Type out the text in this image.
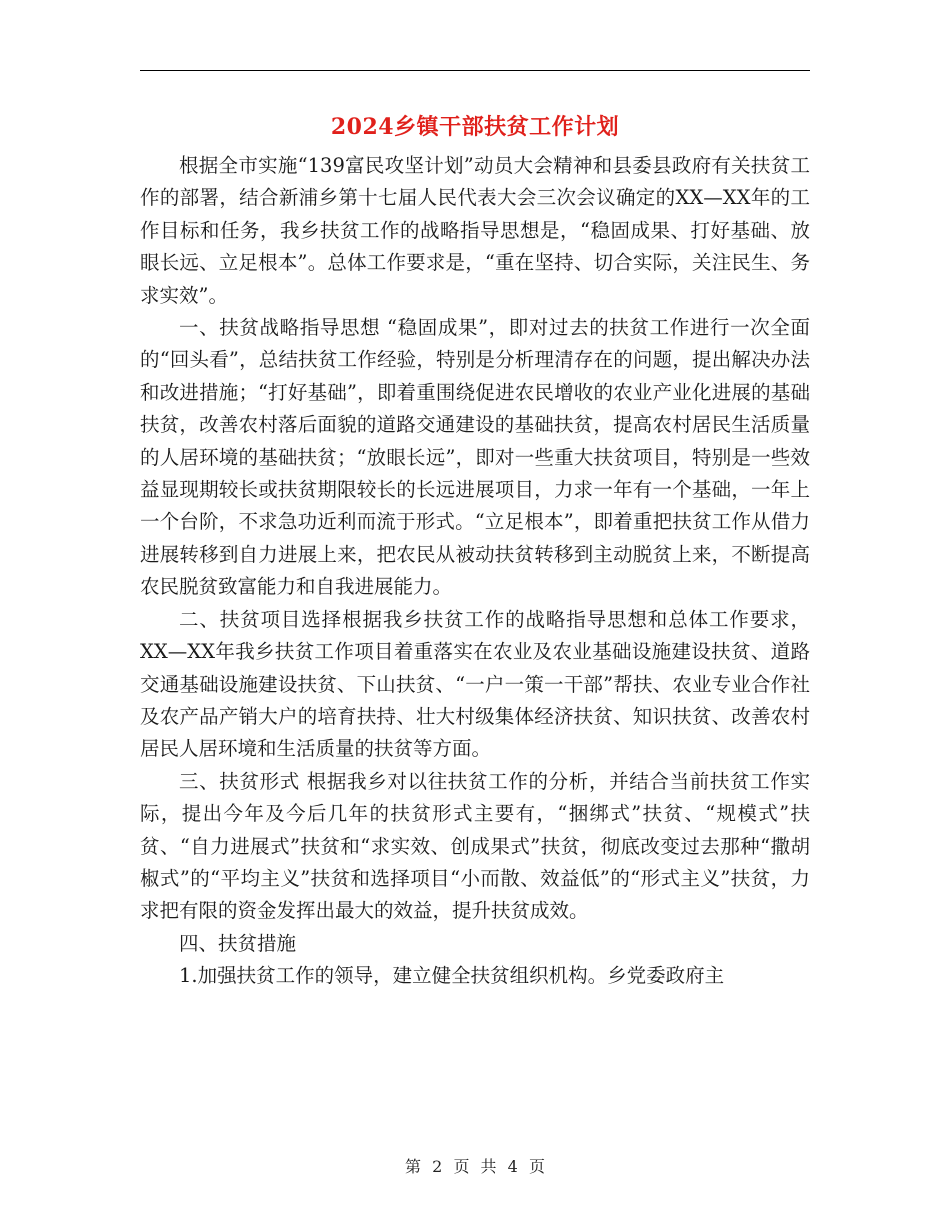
2024乡镇干部扶贫工作计划

根据全市实施“139富民攻坚计划”动员大会精神和县委县政府有关扶贫工作的部署，结合新浦乡第十七届人民代表大会三次会议确定的XX—XX年的工作目标和任务，我乡扶贫工作的战略指导思想是，“稳固成果、打好基础、放眼长远、立足根本”。总体工作要求是，“重在坚持、切合实际，关注民生、务求实效”。

一、扶贫战略指导思想 “稳固成果”，即对过去的扶贫工作进行一次全面的“回头看”，总结扶贫工作经验，特别是分析理清存在的问题，提出解决办法和改进措施；“打好基础”，即着重围绕促进农民增收的农业产业化进展的基础扶贫，改善农村落后面貌的道路交通建设的基础扶贫，提高农村居民生活质量的人居环境的基础扶贫；“放眼长远”，即对一些重大扶贫项目，特别是一些效益显现期较长或扶贫期限较长的长远进展项目，力求一年有一个基础，一年上一个台阶，不求急功近利而流于形式。“立足根本”，即着重把扶贫工作从借力进展转移到自力进展上来，把农民从被动扶贫转移到主动脱贫上来，不断提高农民脱贫致富能力和自我进展能力。

二、扶贫项目选择根据我乡扶贫工作的战略指导思想和总体工作要求，XX—XX年我乡扶贫工作项目着重落实在农业及农业基础设施建设扶贫、道路交通基础设施建设扶贫、下山扶贫、“一户一策一干部”帮扶、农业专业合作社及农产品产销大户的培育扶持、壮大村级集体经济扶贫、知识扶贫、改善农村居民人居环境和生活质量的扶贫等方面。

三、扶贫形式 根据我乡对以往扶贫工作的分析，并结合当前扶贫工作实际，提出今年及今后几年的扶贫形式主要有，“捆绑式”扶贫、“规模式”扶贫、“自力进展式”扶贫和“求实效、创成果式”扶贫，彻底改变过去那种“撒胡椒式”的“平均主义”扶贫和选择项目“小而散、效益低”的“形式主义”扶贫，力求把有限的资金发挥出最大的效益，提升扶贫成效。

四、扶贫措施

1.加强扶贫工作的领导，建立健全扶贫组织机构。乡党委政府主

第 2 页 共 4 页
